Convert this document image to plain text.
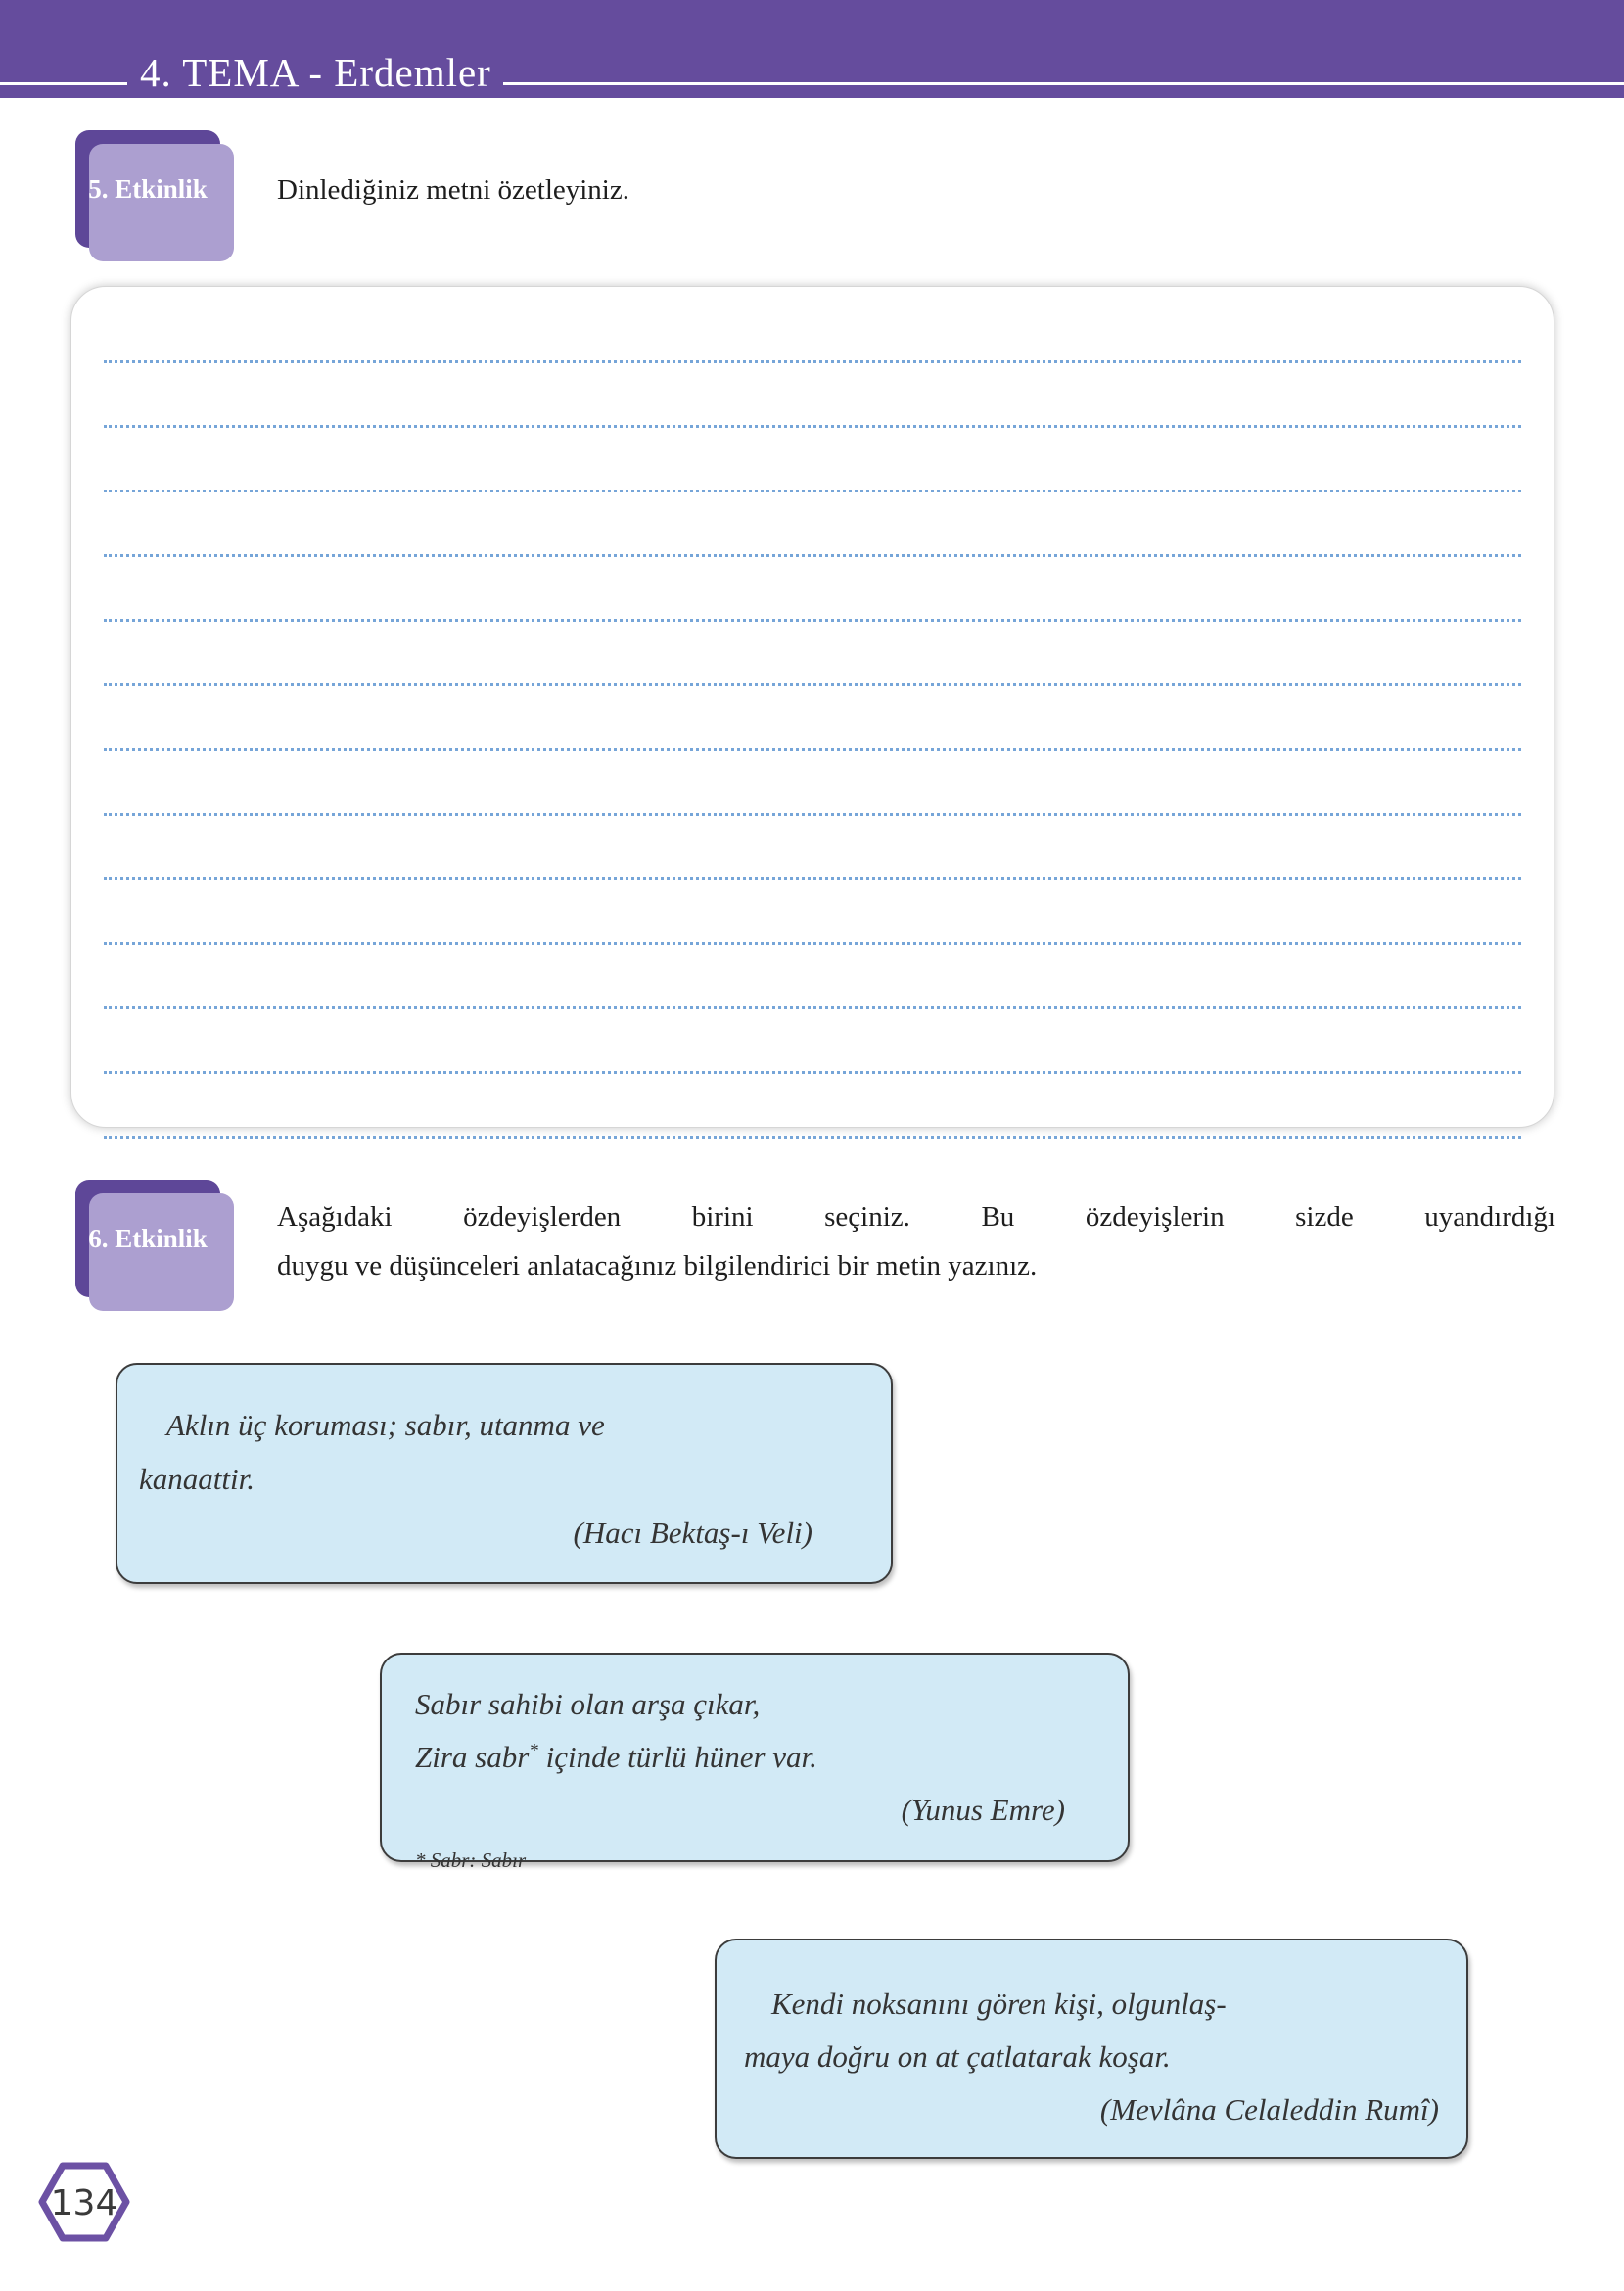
4. TEMA - Erdemler
5. Etkinlik Dinlediğiniz metni özetleyiniz.
6. Etkinlik
Aşağıdaki özdeyişlerden birini seçiniz. Bu özdeyişlerin sizde uyandırdığı
duygu ve düşünceleri anlatacağınız bilgilendirici bir metin yazınız.
Aklın üç koruması; sabır, utanma ve
kanaattir.
(Hacı Bektaş-ı Veli)
Sabır sahibi olan arşa çıkar,
Zira sabr* içinde türlü hüner var.
(Yunus Emre)
* Sabr: Sabır
Kendi noksanını gören kişi, olgunlaş-
maya doğru on at çatlatarak koşar.
(Mevlâna Celaleddin Rumî)
134
